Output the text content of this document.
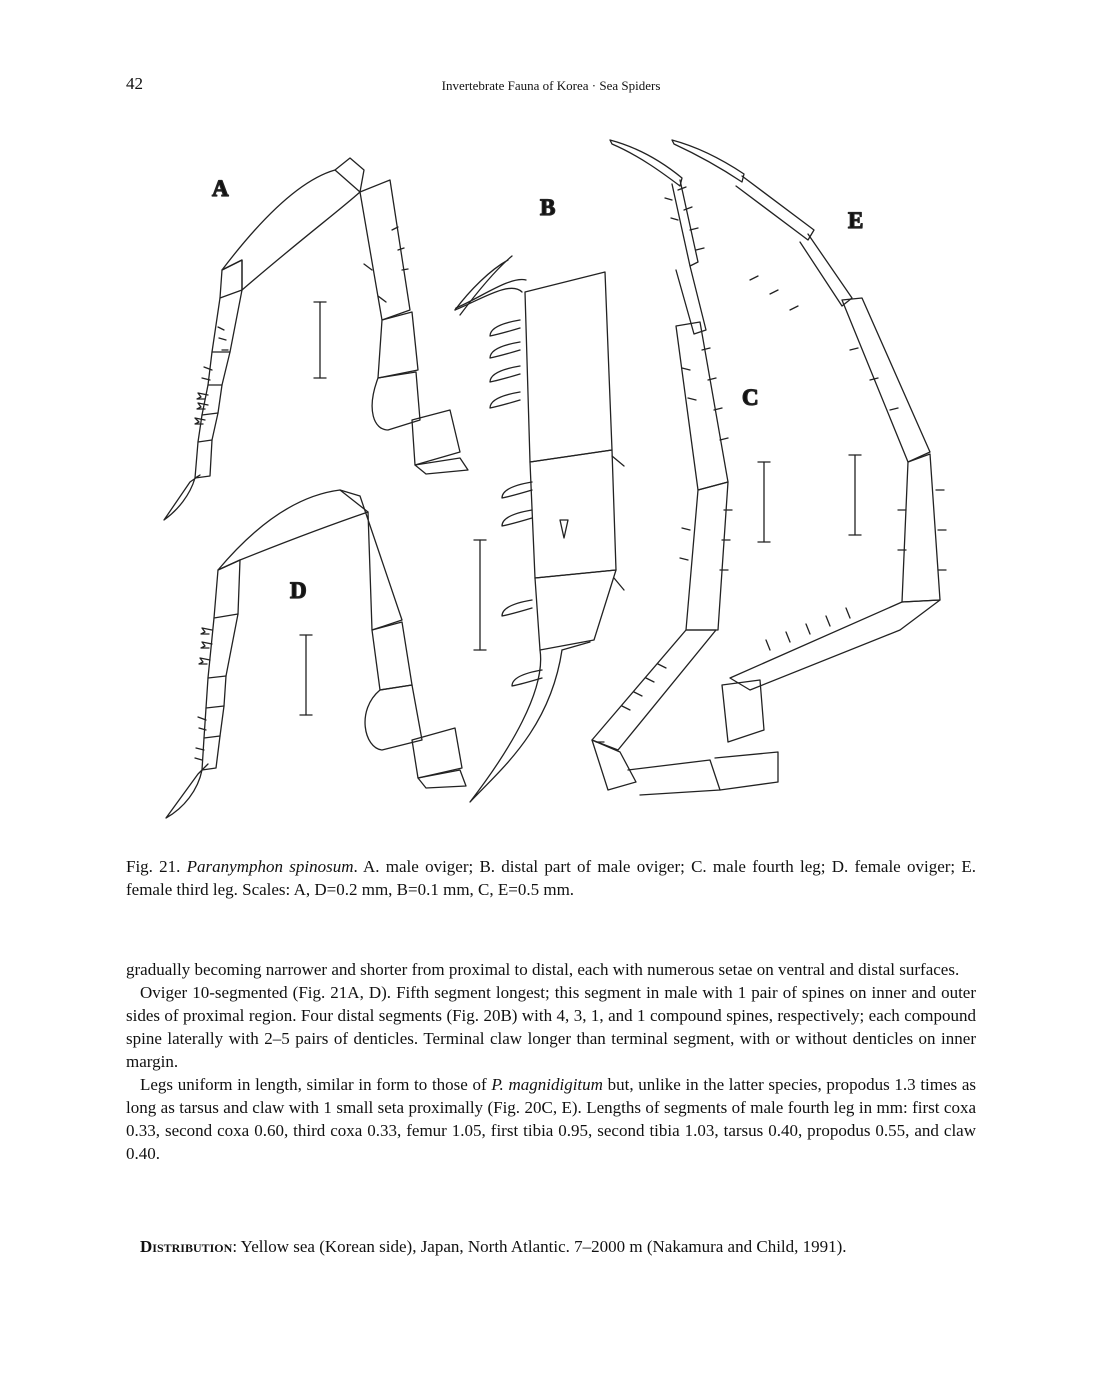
42	Invertebrate Fauna of Korea · Sea Spiders
A
D
B
C
E
Fig. 21. Paranymphon spinosum. A. male oviger; B. distal part of male oviger; C. male fourth leg; D. female oviger; E. female third leg. Scales: A, D=0.2 mm, B=0.1 mm, C, E=0.5 mm.

gradually becoming narrower and shorter from proximal to distal, each with numerous setae on ventral and distal surfaces.

Oviger 10-segmented (Fig. 21A, D). Fifth segment longest; this segment in male with 1 pair of spines on inner and outer sides of proximal region. Four distal segments (Fig. 20B) with 4, 3, 1, and 1 compound spines, respectively; each compound spine laterally with 2–5 pairs of denticles. Terminal claw longer than terminal segment, with or without denticles on inner margin.

Legs uniform in length, similar in form to those of P. magnidigitum but, unlike in the latter species, propodus 1.3 times as long as tarsus and claw with 1 small seta proximally (Fig. 20C, E). Lengths of segments of male fourth leg in mm: first coxa 0.33, second coxa 0.60, third coxa 0.33, femur 1.05, first tibia 0.95, second tibia 1.03, tarsus 0.40, propodus 0.55, and claw 0.40.

Distribution: Yellow sea (Korean side), Japan, North Atlantic. 7–2000 m (Nakamura and Child, 1991).
